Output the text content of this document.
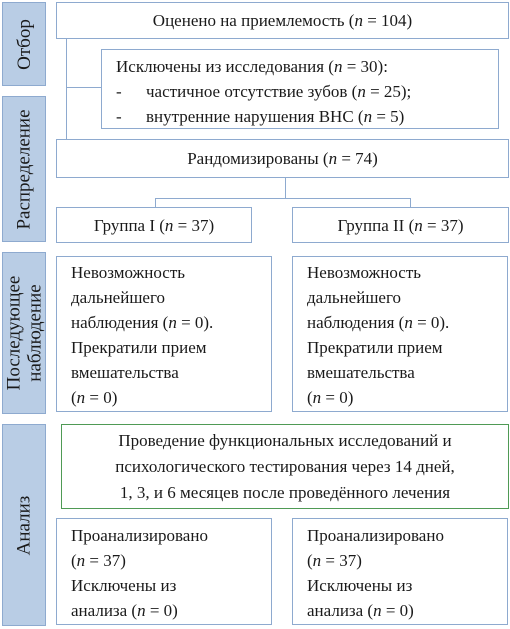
Отбор
Распределение
Последующее наблюдение
Анализ
Оценено на приемлемость (n = 104)
Исключены из исследования (n = 30):
-	частичное отсутствие зубов (n = 25);
-	внутренние нарушения ВНС (n = 5)
Рандомизированы (n = 74)
Группа I (n = 37)	Группа II (n = 37)
Невозможность
дальнейшего
наблюдения (n = 0).
Прекратили прием
вмешательства
(n = 0)
Невозможность
дальнейшего
наблюдения (n = 0).
Прекратили прием
вмешательства
(n = 0)
Проведение функциональных исследований и
психологического тестирования через 14 дней,
1, 3, и 6 месяцев после проведённого лечения
Проанализировано
(n = 37)
Исключены из
анализа (n = 0)
Проанализировано
(n = 37)
Исключены из
анализа (n = 0)
